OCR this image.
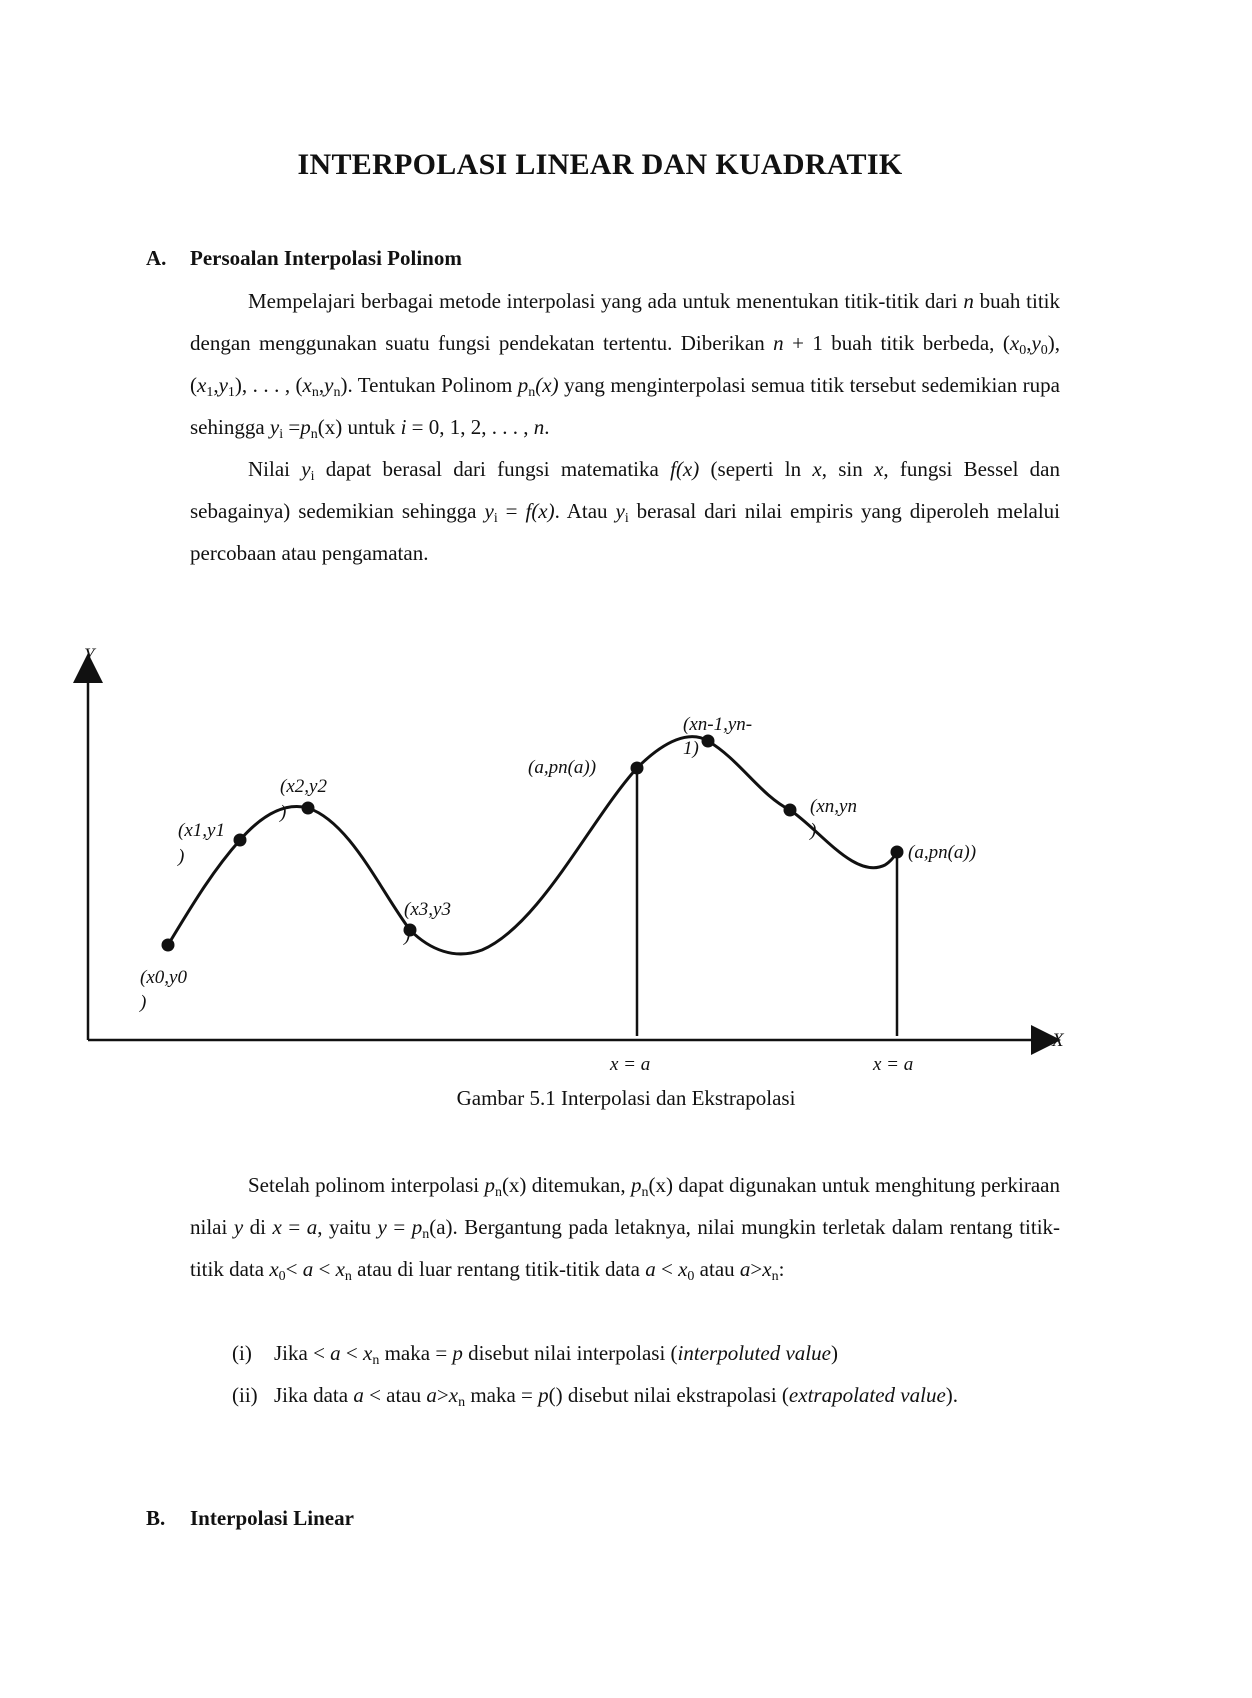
INTERPOLASI LINEAR DAN KUADRATIK
A. Persoalan Interpolasi Polinom

Mempelajari berbagai metode interpolasi yang ada untuk menentukan titik-titik dari n buah titik dengan menggunakan suatu fungsi pendekatan tertentu. Diberikan n + 1 buah titik berbeda, $(x_0,y_0)$, $(x_1,y_1)$, . . . , $(x_n,y_n)$. Tentukan Polinom $p_n(x)$ yang menginterpolasi semua titik tersebut sedemikian rupa sehingga $y_i =p_n(x)$ untuk i = 0, 1, 2, . . . , n.

Nilai $y_i$ dapat berasal dari fungsi matematika f(x) (seperti ln x, sin x, fungsi Bessel dan sebagainya) sedemikian sehingga $y_i = f(x)$. Atau $y_i$ berasal dari nilai empiris yang diperoleh melalui percobaan atau pengamatan.

Y
X
(x0,y0
)
(x1,y1
)
(x2,y2
)
(x3,y3
)
(a,pn(a))
(xn-1,yn-
1)
(xn,yn
)
(a,pn(a))
x = a	x = a
Gambar 5.1 Interpolasi dan Ekstrapolasi

Setelah polinom interpolasi $p_n(x)$ ditemukan, $p_n(x)$ dapat digunakan untuk menghitung perkiraan nilai y di x = a, yaitu $y = p_n(a)$. Bergantung pada letaknya, nilai mungkin terletak dalam rentang titik-titik data $x_0< a < x_n$ atau di luar rentang titik-titik data $a < x_0$ atau $a>x_n$:

(i) Jika < $a < x_n$ maka = p disebut nilai interpolasi (interpoluted value)
(ii) Jika data a < atau $a>x_n$ maka = p() disebut nilai ekstrapolasi (extrapolated value).
B. Interpolasi Linear
